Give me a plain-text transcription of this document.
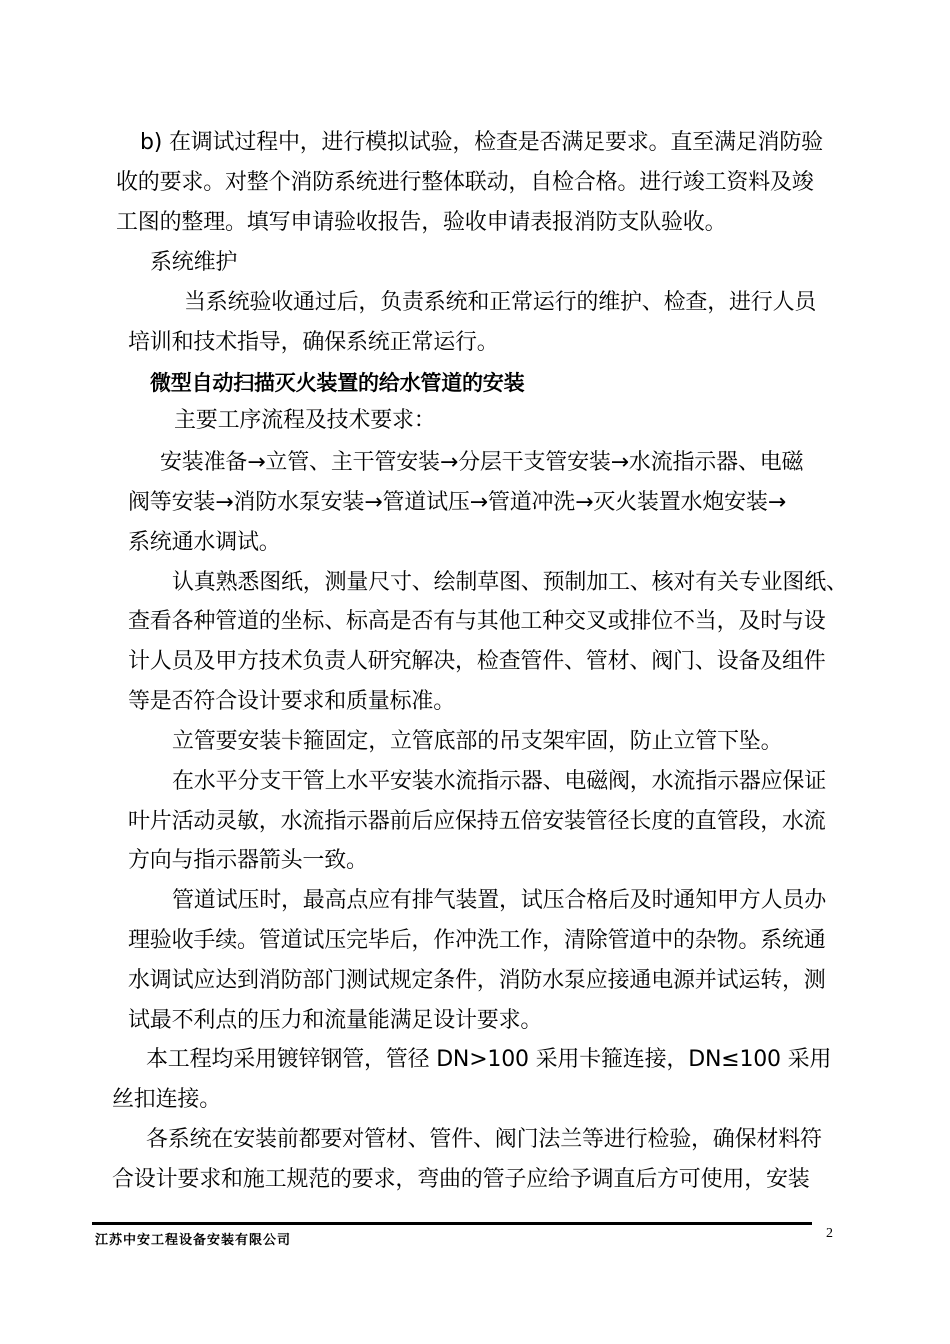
b) 在调试过程中，进行模拟试验，检查是否满足要求。直至满足消防验
收的要求。对整个消防系统进行整体联动，自检合格。进行竣工资料及竣
工图的整理。填写申请验收报告，验收申请表报消防支队验收。
系统维护
当系统验收通过后，负责系统和正常运行的维护、检查，进行人员
培训和技术指导，确保系统正常运行。
微型自动扫描灭火装置的给水管道的安装
主要工序流程及技术要求：
安装准备→立管、主干管安装→分层干支管安装→水流指示器、电磁
阀等安装→消防水泵安装→管道试压→管道冲洗→灭火装置水炮安装→
系统通水调试。
认真熟悉图纸，测量尺寸、绘制草图、预制加工、核对有关专业图纸、
查看各种管道的坐标、标高是否有与其他工种交叉或排位不当，及时与设
计人员及甲方技术负责人研究解决，检查管件、管材、阀门、设备及组件
等是否符合设计要求和质量标准。
立管要安装卡箍固定，立管底部的吊支架牢固，防止立管下坠。
在水平分支干管上水平安装水流指示器、电磁阀，水流指示器应保证
叶片活动灵敏，水流指示器前后应保持五倍安装管径长度的直管段，水流
方向与指示器箭头一致。
管道试压时，最高点应有排气装置，试压合格后及时通知甲方人员办
理验收手续。管道试压完毕后，作冲洗工作，清除管道中的杂物。系统通
水调试应达到消防部门测试规定条件，消防水泵应接通电源并试运转，测
试最不利点的压力和流量能满足设计要求。
本工程均采用镀锌钢管，管径 DN>100 采用卡箍连接，DN≤100 采用
丝扣连接。
各系统在安装前都要对管材、管件、阀门法兰等进行检验，确保材料符
合设计要求和施工规范的要求，弯曲的管子应给予调直后方可使用，安装
江苏中安工程设备安装有限公司	2
